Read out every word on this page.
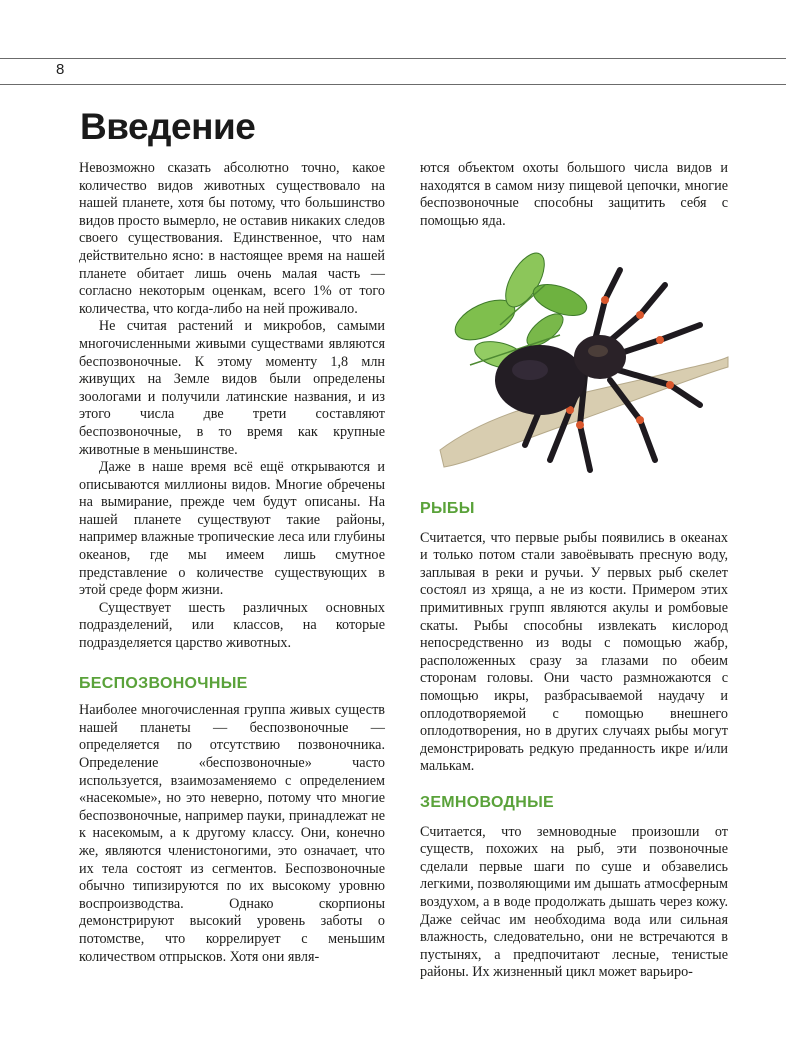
8
Введение

Невозможно сказать абсолютно точно, какое количество видов животных существовало на нашей планете, хотя бы потому, что большинство видов просто вымерло, не оставив никаких следов своего существования. Единственное, что нам действительно ясно: в настоящее время на нашей планете обитает лишь очень малая часть — согласно некоторым оценкам, всего 1% от того количества, что когда-либо на ней проживало.

Не считая растений и микробов, самыми многочисленными живыми существами являются беспозвоночные. К этому моменту 1,8 млн живущих на Земле видов были определены зоологами и получили латинские названия, и из этого числа две трети составляют беспозвоночные, в то время как крупные животные в меньшинстве.

Даже в наше время всё ещё открываются и описываются миллионы видов. Многие обречены на вымирание, прежде чем будут описаны. На нашей планете существуют такие районы, например влажные тропические леса или глубины океанов, где мы имеем лишь смутное представление о количестве существующих в этой среде форм жизни.

Существует шесть различных основных подразделений, или классов, на которые подразделяется царство животных.

БЕСПОЗВОНОЧНЫЕ

Наиболее многочисленная группа живых существ нашей планеты — беспозвоночные — определяется по отсутствию позвоночника. Определение «беспозвоночные» часто используется, взаимозаменяемо с определением «насекомые», но это неверно, потому что многие беспозвоночные, например пауки, принадлежат не к насекомым, а к другому классу. Они, конечно же, являются членистоногими, это означает, что их тела состоят из сегментов. Беспозвоночные обычно типизируются по их высокому уровню воспроизводства. Однако скорпионы демонстрируют высокий уровень заботы о потомстве, что коррелирует с меньшим количеством отпрысков. Хотя они явля-

ются объектом охоты большого числа видов и находятся в самом низу пищевой цепочки, многие беспозвоночные способны защитить себя с помощью яда.

РЫБЫ

Считается, что первые рыбы появились в океанах и только потом стали завоёвывать пресную воду, заплывая в реки и ручьи. У первых рыб скелет состоял из хряща, а не из кости. Примером этих примитивных групп являются акулы и ромбовые скаты. Рыбы способны извлекать кислород непосредственно из воды с помощью жабр, расположенных сразу за глазами по обеим сторонам головы. Они часто размножаются с помощью икры, разбрасываемой наудачу и оплодотворяемой с помощью внешнего оплодотворения, но в других случаях рыбы могут демонстрировать редкую преданность икре и/или малькам.

ЗЕМНОВОДНЫЕ

Считается, что земноводные произошли от существ, похожих на рыб, эти позвоночные сделали первые шаги по суше и обзавелись легкими, позволяющими им дышать атмосферным воздухом, а в воде продолжать дышать через кожу. Даже сейчас им необходима вода или сильная влажность, следовательно, они не встречаются в пустынях, а предпочитают лесные, тенистые районы. Их жизненный цикл может варьиро-
